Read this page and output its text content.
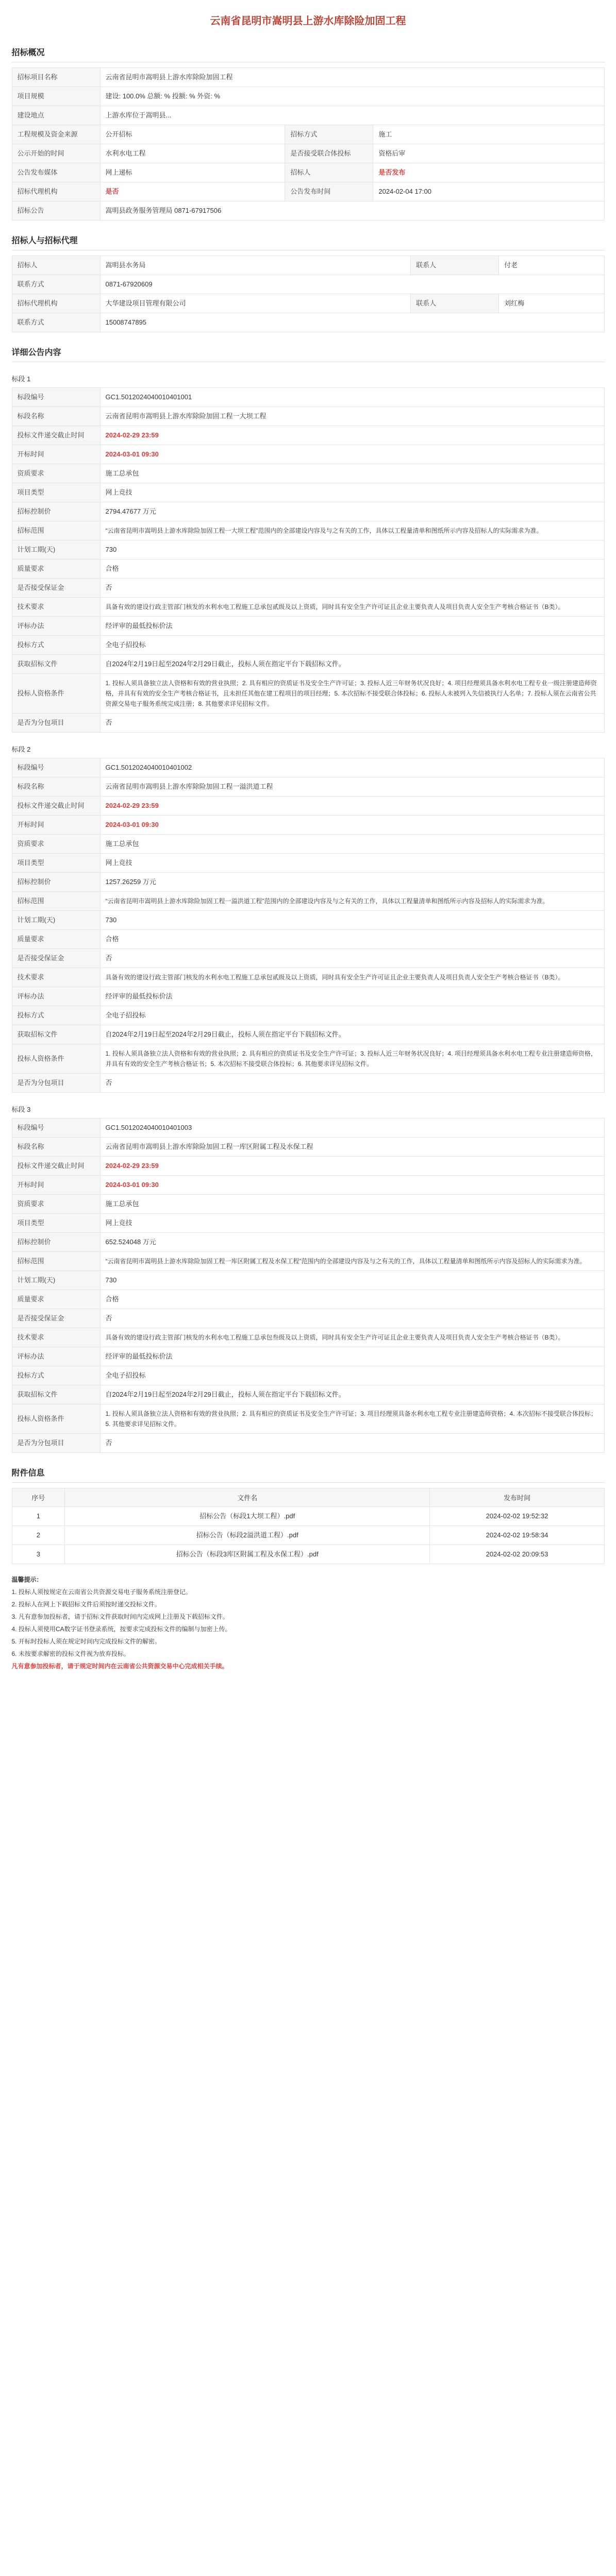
云南省昆明市嵩明县上游水库除险加固工程
招标概况
招标项目名称	云南省昆明市嵩明县上游水库除险加固工程		
项目规模	建设: 100.0% 总额: % 投额: % 外资: %		
建设地点	上游水库位于嵩明县...		
工程规模及资金来源	公开招标	招标方式	施工
公示开始的时间	水利水电工程	是否接受联合体投标	资格后审
公告发布媒体	网上递标	招标人	是否发布
招标代理机构	是否	公告发布时间	2024-02-04 17:00
招标公告	嵩明县政务服务管理局 0871-67917506		
招标人与招标代理
招标人	嵩明县水务局	联系人	付老
联系方式	0871-67920609		
招标代理机构	大华建设项目管理有限公司	联系人	刘红梅
联系方式	15008747895		
详细公告内容
标段 1
标段编号	GC1.5012024040010401001
标段名称	云南省昆明市嵩明县上游水库除险加固工程一大坝工程
投标文件递交截止时间	2024-02-29 23:59
开标时间	2024-03-01 09:30
资质要求	施工总承包
项目类型	网上竞技
招标控制价	2794.47677 万元
招标范围	“云南省昆明市嵩明县上游水库除险加固工程一大坝工程”范围内的全部建设内容及与之有关的工作，具体以工程量清单和图纸所示内容及招标人的实际需求为准。
计划工期(天)	730
质量要求	合格
是否接受保证金	否
技术要求	具备有效的建设行政主管部门核发的水利水电工程施工总承包贰级及以上资质，同时具有安全生产许可证且企业主要负责人及项目负责人安全生产考核合格证书（B类）。
评标办法	经评审的最低投标价法
投标方式	全电子招投标
获取招标文件	自2024年2月19日起至2024年2月29日截止，投标人须在指定平台下载招标文件。
投标人资格条件	1. 投标人须具备独立法人资格和有效的营业执照；2. 具有相应的资质证书及安全生产许可证；3. 投标人近三年财务状况良好；4. 项目经理须具备水利水电工程专业一级注册建造师资格，并具有有效的安全生产考核合格证书，且未担任其他在建工程项目的项目经理；5. 本次招标不接受联合体投标；6. 投标人未被列入失信被执行人名单；7. 投标人须在云南省公共资源交易电子服务系统完成注册；8. 其他要求详见招标文件。
是否为分包项目	否
标段 2
标段编号	GC1.5012024040010401002
标段名称	云南省昆明市嵩明县上游水库除险加固工程一溢洪道工程
投标文件递交截止时间	2024-02-29 23:59
开标时间	2024-03-01 09:30
资质要求	施工总承包
项目类型	网上竞技
招标控制价	1257.26259 万元
招标范围	“云南省昆明市嵩明县上游水库除险加固工程一溢洪道工程”范围内的全部建设内容及与之有关的工作，具体以工程量清单和图纸所示内容及招标人的实际需求为准。
计划工期(天)	730
质量要求	合格
是否接受保证金	否
技术要求	具备有效的建设行政主管部门核发的水利水电工程施工总承包贰级及以上资质，同时具有安全生产许可证且企业主要负责人及项目负责人安全生产考核合格证书（B类）。
评标办法	经评审的最低投标价法
投标方式	全电子招投标
获取招标文件	自2024年2月19日起至2024年2月29日截止，投标人须在指定平台下载招标文件。
投标人资格条件	1. 投标人须具备独立法人资格和有效的营业执照；2. 具有相应的资质证书及安全生产许可证；3. 投标人近三年财务状况良好；4. 项目经理须具备水利水电工程专业注册建造师资格，并具有有效的安全生产考核合格证书；5. 本次招标不接受联合体投标；6. 其他要求详见招标文件。
是否为分包项目	否
标段 3
标段编号	GC1.5012024040010401003
标段名称	云南省昆明市嵩明县上游水库除险加固工程一库区附属工程及水保工程
投标文件递交截止时间	2024-02-29 23:59
开标时间	2024-03-01 09:30
资质要求	施工总承包
项目类型	网上竞技
招标控制价	652.524048 万元
招标范围	“云南省昆明市嵩明县上游水库除险加固工程一库区附属工程及水保工程”范围内的全部建设内容及与之有关的工作，具体以工程量清单和图纸所示内容及招标人的实际需求为准。
计划工期(天)	730
质量要求	合格
是否接受保证金	否
技术要求	具备有效的建设行政主管部门核发的水利水电工程施工总承包叁级及以上资质，同时具有安全生产许可证且企业主要负责人及项目负责人安全生产考核合格证书（B类）。
评标办法	经评审的最低投标价法
投标方式	全电子招投标
获取招标文件	自2024年2月19日起至2024年2月29日截止，投标人须在指定平台下载招标文件。
投标人资格条件	1. 投标人须具备独立法人资格和有效的营业执照；2. 具有相应的资质证书及安全生产许可证；3. 项目经理须具备水利水电工程专业注册建造师资格；4. 本次招标不接受联合体投标；5. 其他要求详见招标文件。
是否为分包项目	否
附件信息
序号	文件名	发布时间
1	招标公告（标段1大坝工程）.pdf	2024-02-02 19:52:32
2	招标公告（标段2溢洪道工程）.pdf	2024-02-02 19:58:34
3	招标公告（标段3库区附属工程及水保工程）.pdf	2024-02-02 20:09:53
温馨提示：
1. 投标人须按规定在云南省公共资源交易电子服务系统注册登记。
2. 投标人在网上下载招标文件后须按时递交投标文件。
3. 凡有意参加投标者，请于招标文件获取时间内完成网上注册及下载招标文件。
4. 投标人须使用CA数字证书登录系统，按要求完成投标文件的编制与加密上传。
5. 开标时投标人须在规定时间内完成投标文件的解密。
6. 未按要求解密的投标文件视为放弃投标。
凡有意参加投标者，请于规定时间内在云南省公共资源交易中心完成相关手续。
